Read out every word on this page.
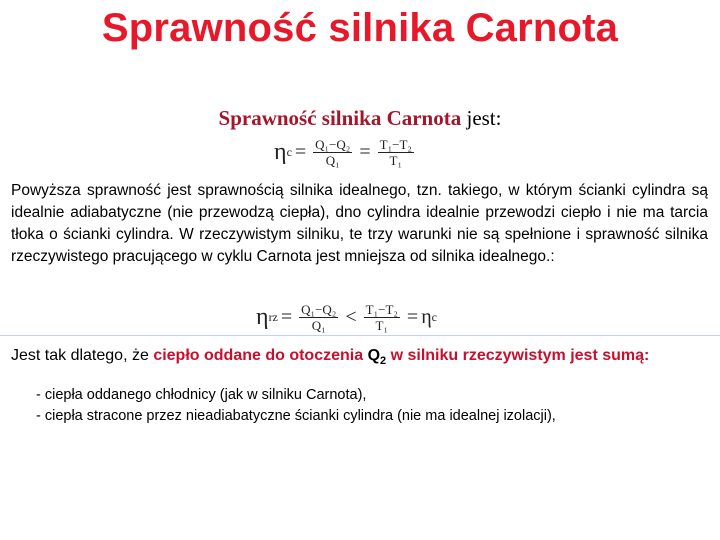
Sprawność silnika Carnota
Sprawność silnika Carnota jest:
η $c = \frac{\text{Q₁−Q₂}}{\text{Q₁}} = \frac{\text{T₁−T₂}}{\text{T₁}}$
Powyższa sprawność jest sprawnością silnika idealnego, tzn. takiego, w którym ścianki cylindra są idealnie adiabatyczne (nie przewodzą ciepła), dno cylindra idealnie przewodzi ciepło i nie ma tarcia tłoka o ścianki cylindra. W rzeczywistym silniku, te trzy warunki nie są spełnione i sprawność silnika rzeczywistego pracującego w cyklu Carnota jest mniejsza od silnika idealnego.:
η rz = $\frac{\text{Q₁−Q₂}}{\text{Q₁}} < \frac{\text{T₁−T₂}}{\text{T₁}} = \eta$ c
Jest tak dlatego, że ciepło oddane do otoczenia $Q_2$ w silniku rzeczywistym jest sumą:
- ciepła oddanego chłodnicy (jak w silniku Carnota),
- ciepła stracone przez nieadiabatyczne ścianki cylindra (nie ma idealnej izolacji),
